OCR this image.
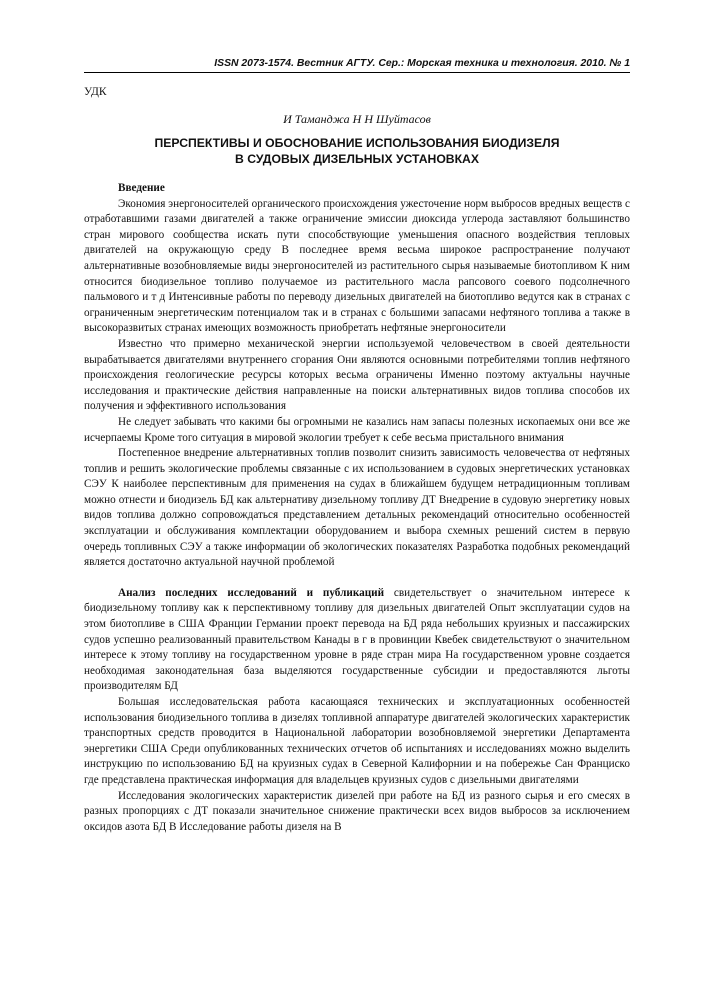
ISSN 2073-1574. Вестник АГТУ. Сер.: Морская техника и технология. 2010. № 1
УДК
И Таманджа Н Н Шуйтасов
ПЕРСПЕКТИВЫ И ОБОСНОВАНИЕ ИСПОЛЬЗОВАНИЯ БИОДИЗЕЛЯ
В СУДОВЫХ ДИЗЕЛЬНЫХ УСТАНОВКАХ
Введение

Экономия энергоносителей органического происхождения ужесточение норм выбросов вредных веществ с отработавшими газами двигателей а также ограничение эмиссии диоксида углерода заставляют большинство стран мирового сообщества искать пути способствующие уменьшения опасного воздействия тепловых двигателей на окружающую среду В последнее время весьма широкое распространение получают альтернативные возобновляемые виды энергоносителей из растительного сырья называемые биотопливом К ним относится биодизельное топливо получаемое из растительного масла рапсового соевого подсолнечного пальмового и т д Интенсивные работы по переводу дизельных двигателей на биотопливо ведутся как в странах с ограниченным энергетическим потенциалом так и в странах с большими запасами нефтяного топлива а также в высокоразвитых странах имеющих возможность приобретать нефтяные энергоносители

Известно что примерно механической энергии используемой человечеством в своей деятельности вырабатывается двигателями внутреннего сгорания Они являются основными потребителями топлив нефтяного происхождения геологические ресурсы которых весьма ограничены Именно поэтому актуальны научные исследования и практические действия направленные на поиски альтернативных видов топлива способов их получения и эффективного использования

Не следует забывать что какими бы огромными не казались нам запасы полезных ископаемых они все же исчерпаемы Кроме того ситуация в мировой экологии требует к себе весьма пристального внимания

Постепенное внедрение альтернативных топлив позволит снизить зависимость человечества от нефтяных топлив и решить экологические проблемы связанные с их использованием в судовых энергетических установках СЭУ К наиболее перспективным для применения на судах в ближайшем будущем нетрадиционным топливам можно отнести и биодизель БД как альтернативу дизельному топливу ДТ Внедрение в судовую энергетику новых видов топлива должно сопровождаться представлением детальных рекомендаций относительно особенностей эксплуатации и обслуживания комплектации оборудованием и выбора схемных решений систем в первую очередь топливных СЭУ а также информации об экологических показателях Разработка подобных рекомендаций является достаточно актуальной научной проблемой

Анализ последних исследований и публикаций свидетельствует о значительном интересе к биодизельному топливу как к перспективному топливу для дизельных двигателей Опыт эксплуатации судов на этом биотопливе в США Франции Германии проект перевода на БД ряда небольших круизных и пассажирских судов успешно реализованный правительством Канады в г в провинции Квебек свидетельствуют о значительном интересе к этому топливу на государственном уровне в ряде стран мира На государственном уровне создается необходимая законодательная база выделяются государственные субсидии и предоставляются льготы производителям БД

Большая исследовательская работа касающаяся технических и эксплуатационных особенностей использования биодизельного топлива в дизелях топливной аппаратуре двигателей экологических характеристик транспортных средств проводится в Национальной лаборатории возобновляемой энергетики Департамента энергетики США Среди опубликованных технических отчетов об испытаниях и исследованиях можно выделить инструкцию по использованию БД на круизных судах в Северной Калифорнии и на побережье Сан Франциско где представлена практическая информация для владельцев круизных судов с дизельными двигателями

Исследования экологических характеристик дизелей при работе на БД из разного сырья и его смесях в разных пропорциях с ДТ показали значительное снижение практически всех видов выбросов за исключением оксидов азота БД В Исследование работы дизеля на В
